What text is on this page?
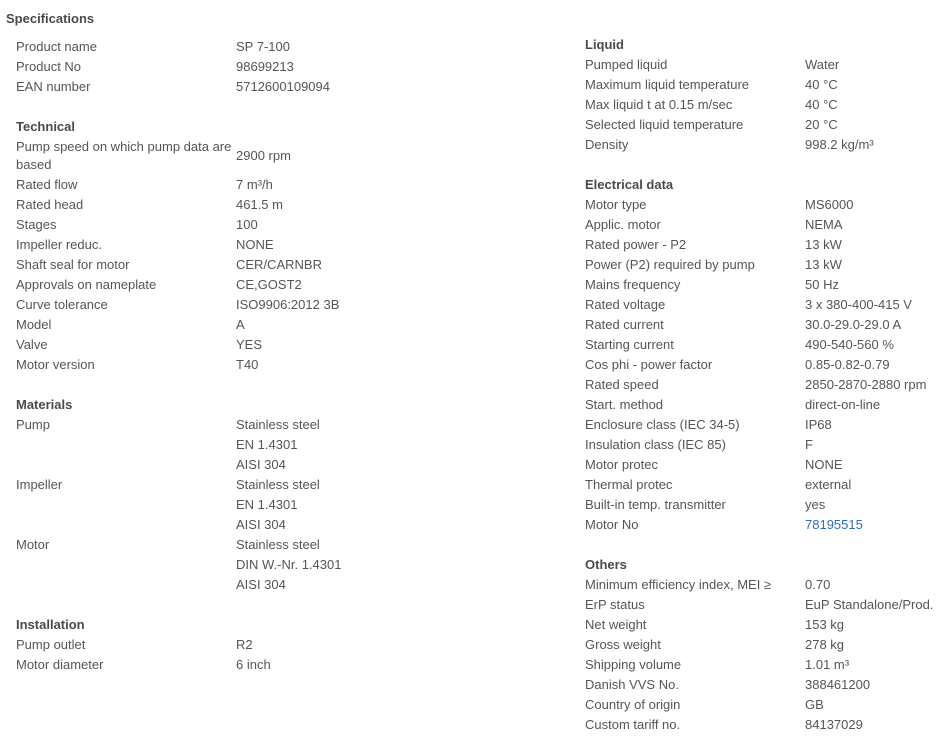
Specifications
Product name	SP 7-100
Product No	98699213
EAN number	5712600109094
Technical
Pump speed on which pump data are based
2900 rpm
Rated flow	7 m³/h
Rated head	461.5 m
Stages	100
Impeller reduc.	NONE
Shaft seal for motor	CER/CARNBR
Approvals on nameplate	CE,GOST2
Curve tolerance	ISO9906:2012 3B
Model	A
Valve	YES
Motor version	T40
Materials
Pump	Stainless steel
EN 1.4301
AISI 304
Impeller	Stainless steel
EN 1.4301
AISI 304
Motor	Stainless steel
DIN W.-Nr. 1.4301
AISI 304
Installation
Pump outlet	R2
Motor diameter	6 inch
Liquid
Pumped liquid	Water
Maximum liquid temperature	40 °C
Max liquid t at 0.15 m/sec	40 °C
Selected liquid temperature	20 °C
Density	998.2 kg/m³
Electrical data
Motor type	MS6000
Applic. motor	NEMA
Rated power - P2	13 kW
Power (P2) required by pump	13 kW
Mains frequency	50 Hz
Rated voltage	3 x 380-400-415 V
Rated current	30.0-29.0-29.0 A
Starting current	490-540-560 %
Cos phi - power factor	0.85-0.82-0.79
Rated speed	2850-2870-2880 rpm
Start. method	direct-on-line
Enclosure class (IEC 34-5)	IP68
Insulation class (IEC 85)	F
Motor protec	NONE
Thermal protec	external
Built-in temp. transmitter	yes
Motor No	78195515
Others
Minimum efficiency index, MEI ≥	0.70
ErP status	EuP Standalone/Prod.
Net weight	153 kg
Gross weight	278 kg
Shipping volume	1.01 m³
Danish VVS No.	388461200
Country of origin	GB
Custom tariff no.	84137029
